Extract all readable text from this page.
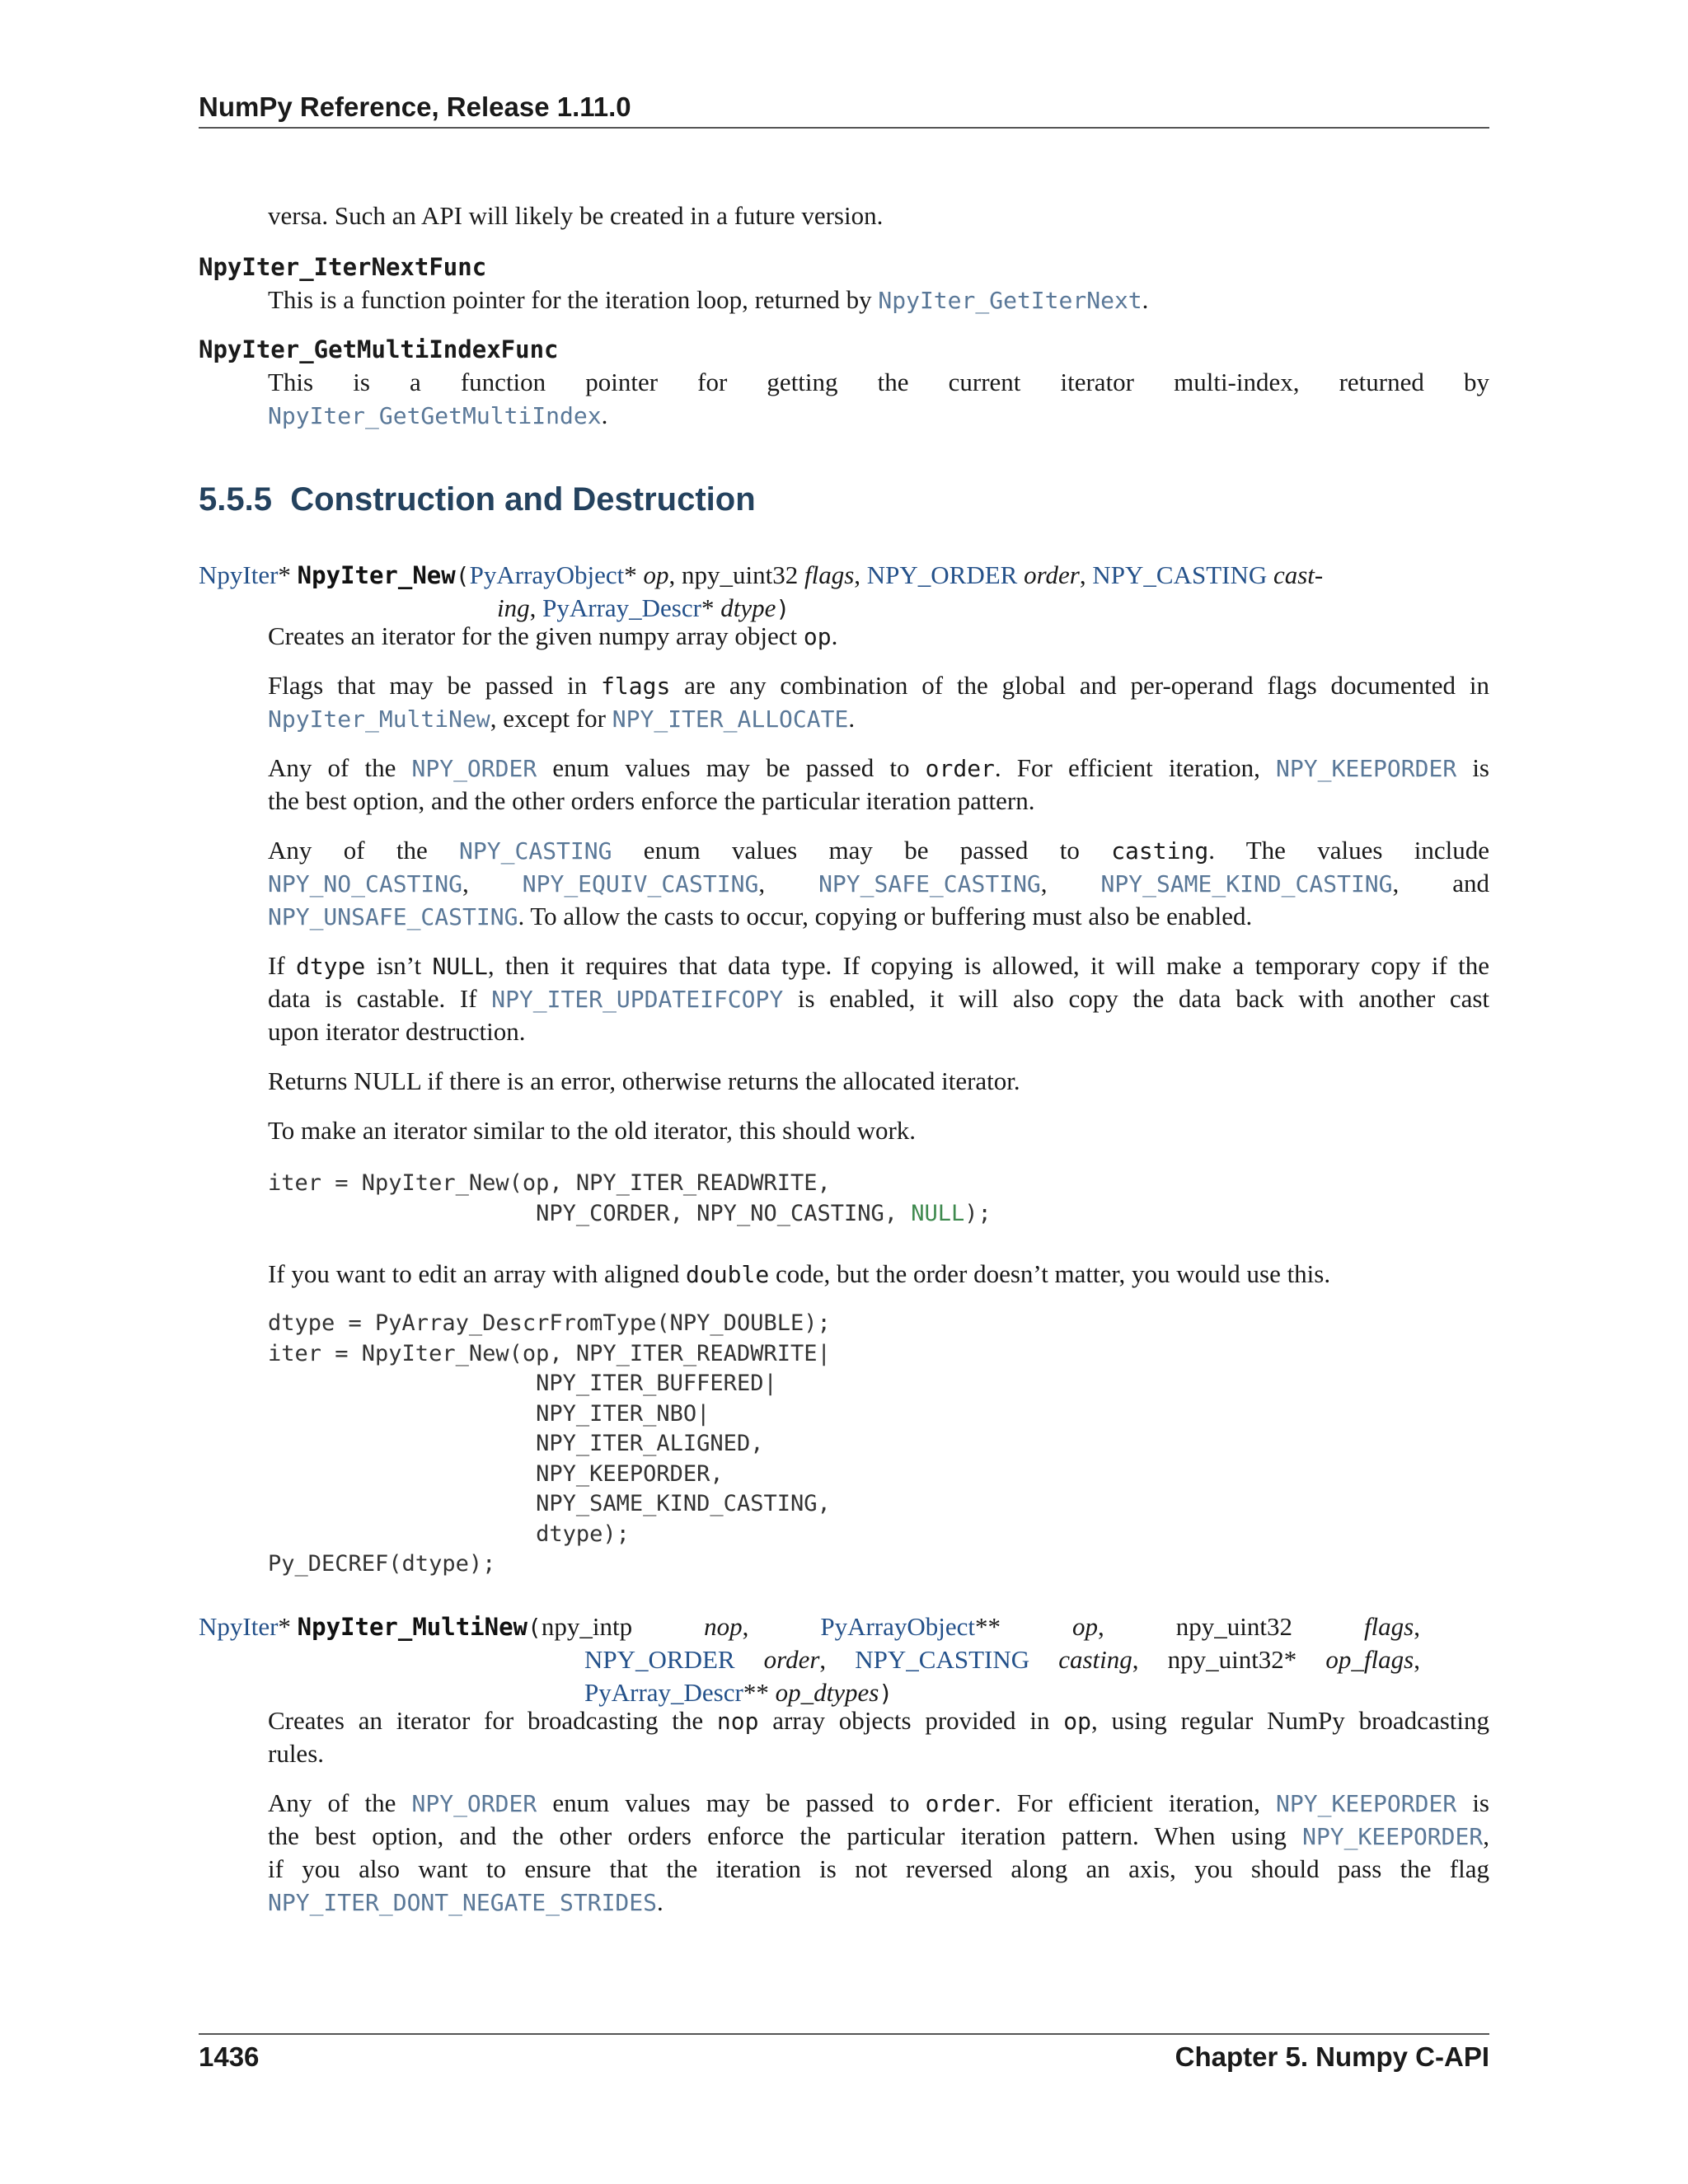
NumPy Reference, Release 1.11.0
versa. Such an API will likely be created in a future version.
NpyIter_IterNextFunc
This is a function pointer for the iteration loop, returned by NpyIter_GetIterNext.
NpyIter_GetMultiIndexFunc
This is a function pointer for getting the current iterator multi-index, returned by
NpyIter_GetGetMultiIndex.
5.5.5 Construction and Destruction
NpyIter* NpyIter_New(PyArrayObject* op, npy_uint32 flags, NPY_ORDER order, NPY_CASTING cast-
ing, PyArray_Descr* dtype)
Creates an iterator for the given numpy array object op.
Flags that may be passed in flags are any combination of the global and per-operand flags documented in
NpyIter_MultiNew, except for NPY_ITER_ALLOCATE.
Any of the NPY_ORDER enum values may be passed to order. For efficient iteration, NPY_KEEPORDER is
the best option, and the other orders enforce the particular iteration pattern.
Any of the NPY_CASTING enum values may be passed to casting. The values include
NPY_NO_CASTING, NPY_EQUIV_CASTING, NPY_SAFE_CASTING, NPY_SAME_KIND_CASTING, and
NPY_UNSAFE_CASTING. To allow the casts to occur, copying or buffering must also be enabled.
If dtype isn’t NULL, then it requires that data type. If copying is allowed, it will make a temporary copy if the
data is castable. If NPY_ITER_UPDATEIFCOPY is enabled, it will also copy the data back with another cast
upon iterator destruction.
Returns NULL if there is an error, otherwise returns the allocated iterator.
To make an iterator similar to the old iterator, this should work.
iter = NpyIter_New(op, NPY_ITER_READWRITE,
NPY_CORDER, NPY_NO_CASTING, NULL);
If you want to edit an array with aligned double code, but the order doesn’t matter, you would use this.
dtype = PyArray_DescrFromType(NPY_DOUBLE);
iter = NpyIter_New(op, NPY_ITER_READWRITE|
NPY_ITER_BUFFERED|
NPY_ITER_NBO|
NPY_ITER_ALIGNED,
NPY_KEEPORDER,
NPY_SAME_KIND_CASTING,
dtype);
Py_DECREF(dtype);
NpyIter* NpyIter_MultiNew(npy_intp	nop,	PyArrayObject**	op,	npy_uint32	flags,
NPY_ORDER order, NPY_CASTING casting, npy_uint32* op_flags,
PyArray_Descr** op_dtypes)
Creates an iterator for broadcasting the nop array objects provided in op, using regular NumPy broadcasting
rules.
Any of the NPY_ORDER enum values may be passed to order. For efficient iteration, NPY_KEEPORDER is
the best option, and the other orders enforce the particular iteration pattern. When using NPY_KEEPORDER,
if you also want to ensure that the iteration is not reversed along an axis, you should pass the flag
NPY_ITER_DONT_NEGATE_STRIDES.
1436	Chapter 5. Numpy C-API
